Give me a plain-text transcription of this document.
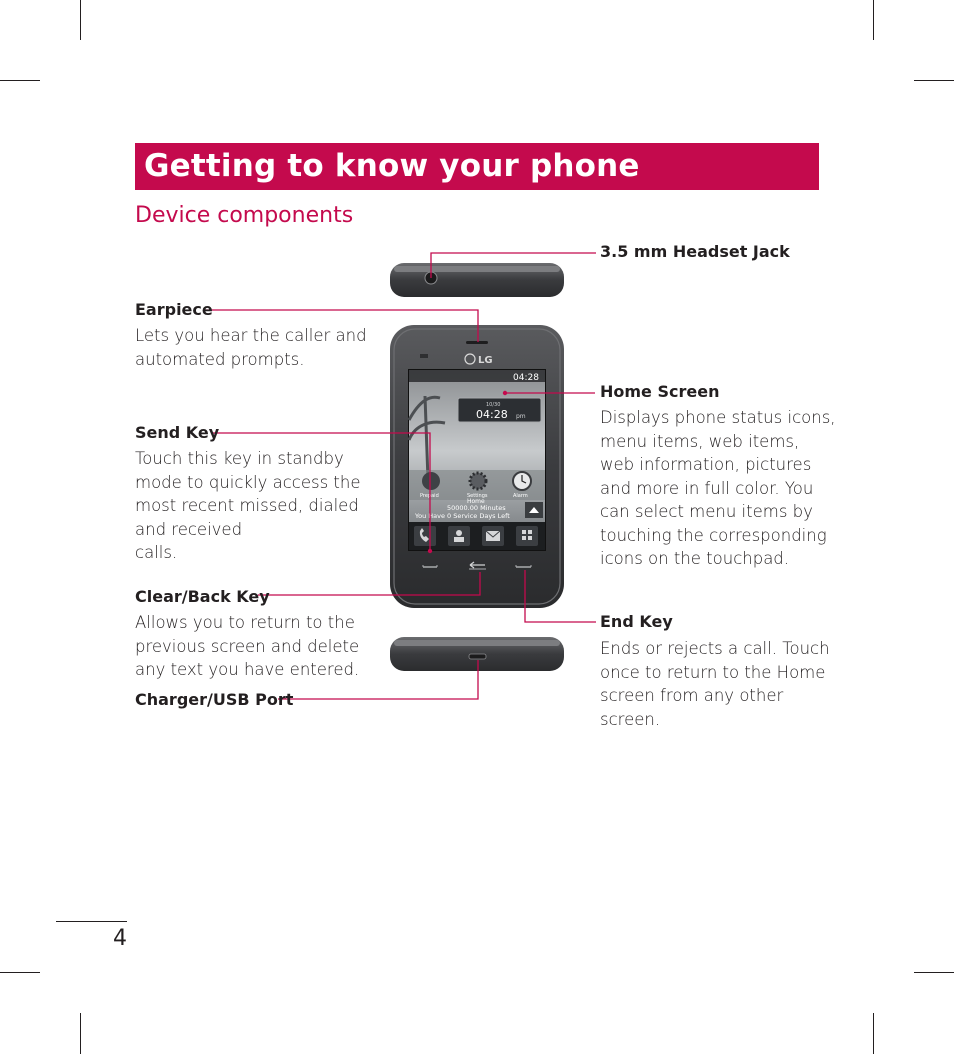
Getting to know your phone
Device components
LG
04:28
10/30
04:28 pm
Prepaid	Settings	Alarm
Home
50000.00 Minutes
You Have 0 Service Days Left
Earpiece
Lets you hear the caller and
automated prompts.
Send Key
Touch this key in standby
mode to quickly access the
most recent missed, dialed
and received
calls.
Clear/Back Key
Allows you to return to the
previous screen and delete
any text you have entered.
Charger/USB Port
3.5 mm Headset Jack
Home Screen
Displays phone status icons,
menu items, web items,
web information, pictures
and more in full color. You
can select menu items by
touching the corresponding
icons on the touchpad.
End Key
Ends or rejects a call. Touch
once to return to the Home
screen from any other
screen.
4
